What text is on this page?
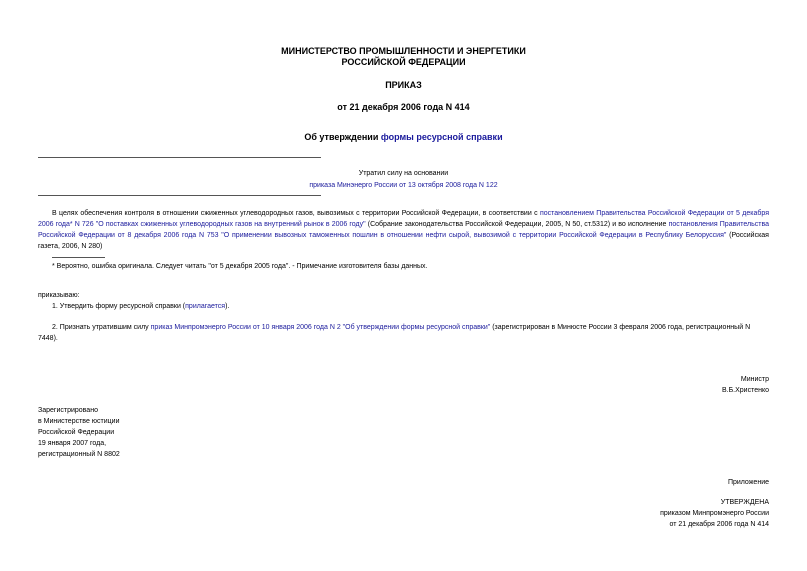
МИНИСТЕРСТВО ПРОМЫШЛЕННОСТИ И ЭНЕРГЕТИКИ
РОССИЙСКОЙ ФЕДЕРАЦИИ
ПРИКАЗ
от 21 декабря 2006 года N 414
Об утверждении формы ресурсной справки
Утратил силу на основании
приказа Минэнерго России от 13 октября 2008 года N 122
В целях обеспечения контроля в отношении сжиженных углеводородных газов, вывозимых с территории Российской Федерации, в соответствии с постановлением Правительства Российской Федерации от 5 декабря 2006 года* N 726 "О поставках сжиженных углеводородных газов на внутренний рынок в 2006 году" (Собрание законодательства Российской Федерации, 2005, N 50, ст.5312) и во исполнение постановления Правительства Российской Федерации от 8 декабря 2006 года N 753 "О применении вывозных таможенных пошлин в отношении нефти сырой, вывозимой с территории Российской Федерации в Республику Белоруссия" (Российская газета, 2006, N 280)
* Вероятно, ошибка оригинала. Следует читать "от 5 декабря 2005 года". - Примечание изготовителя базы данных.
приказываю:
1. Утвердить форму ресурсной справки (прилагается).
2. Признать утратившим силу приказ Минпромэнерго России от 10 января 2006 года N 2 "Об утверждении формы ресурсной справки" (зарегистрирован в Минюсте России 3 февраля 2006 года, регистрационный N 7448).
Министр
В.Б.Христенко
Зарегистрировано
в Министерстве юстиции
Российской Федерации
19 января 2007 года,
регистрационный N 8802
Приложение
УТВЕРЖДЕНА
приказом Минпромэнерго России
от 21 декабря 2006 года N 414
